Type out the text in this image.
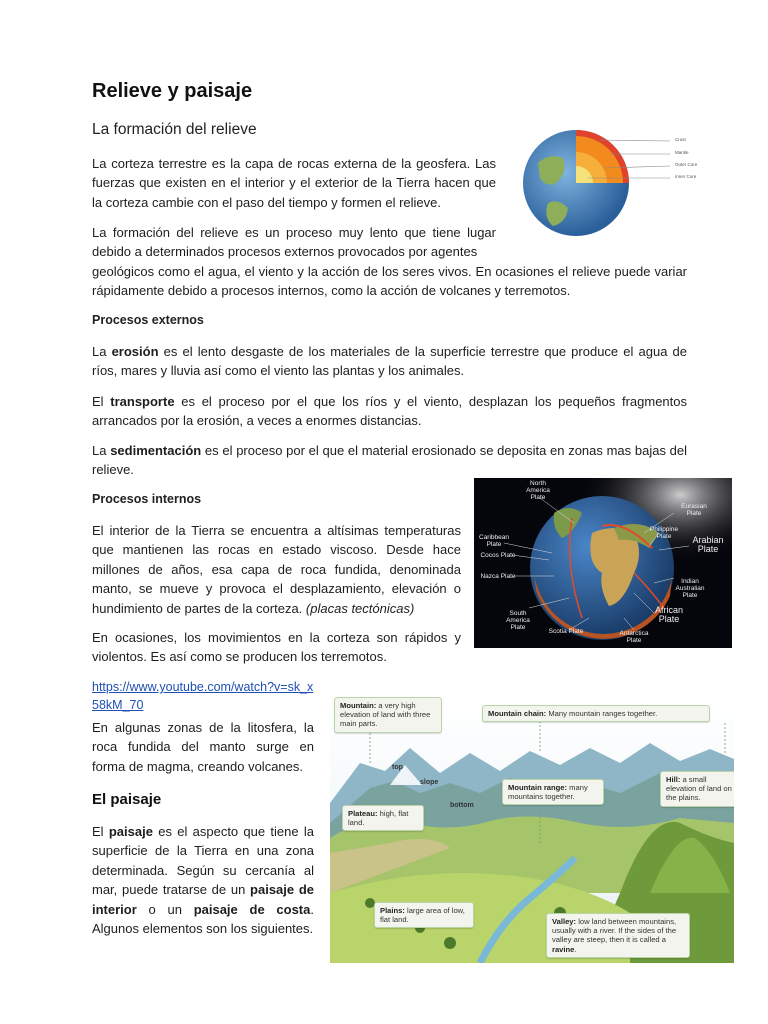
Relieve y paisaje
La formación del relieve

La corteza terrestre es la capa de rocas externa de la geosfera. Las fuerzas que existen en el interior y el exterior de la Tierra hacen que la corteza cambie con el paso del tiempo y formen el relieve.

La formación del relieve es un proceso muy lento que tiene lugar debido a determinados procesos externos provocados por agentes

geológicos como el agua, el viento y la acción de los seres vivos. En ocasiones el relieve puede variar rápidamente debido a procesos internos, como la acción de volcanes y terremotos.

Crust
Mantle
Outer Core
Inner Core
Procesos externos

La erosión es el lento desgaste de los materiales de la superficie terrestre que produce el agua de ríos, mares y lluvia así como el viento las plantas y los animales.

El transporte es el proceso por el que los ríos y el viento, desplazan los pequeños fragmentos arrancados por la erosión, a veces a enormes distancias.

La sedimentación es el proceso por el que el material erosionado se deposita en zonas mas bajas del relieve.

Procesos internos

El interior de la Tierra se encuentra a altísimas temperaturas que mantienen las rocas en estado viscoso. Desde hace millones de años, esa capa de roca fundida, denominada manto, se mueve y provoca el desplazamiento, elevación o hundimiento de partes de la corteza. (placas tectónicas)

En ocasiones, los movimientos en la corteza son rápidos y violentos. Es así como se producen los terremotos.

North
America
Plate
Eurasian
Plate
Philippine
Plate	Arabian
Plate
Caribbean
Plate
Cocos Plate
Nazca Plate
Indian
Australian
Plate
African
Plate
South
America
Plate
Scotia Plate	Antarctica
Plate
https://www.youtube.com/watch?v=sk_x
58kM_70

En algunas zonas de la litosfera, la roca fundida del manto surge en forma de magma, creando volcanes.

El paisaje

El paisaje es el aspecto que tiene la superficie de la Tierra en una zona determinada. Según su cercanía al mar, puede tratarse de un paisaje de interior o un paisaje de costa. Algunos elementos son los siguientes.

Mountain: a very high elevation of land with three main parts.
Mountain chain: Many mountain ranges together.
Hill: a small elevation of land on the plains.
Mountain range: many mountains together.
Plateau: high, flat land.
Plains: large area of low, flat land.	Valley: low land between mountains, usually with a river. If the sides of the valley are steep, then it is called a ravine.
top
slope
bottom
